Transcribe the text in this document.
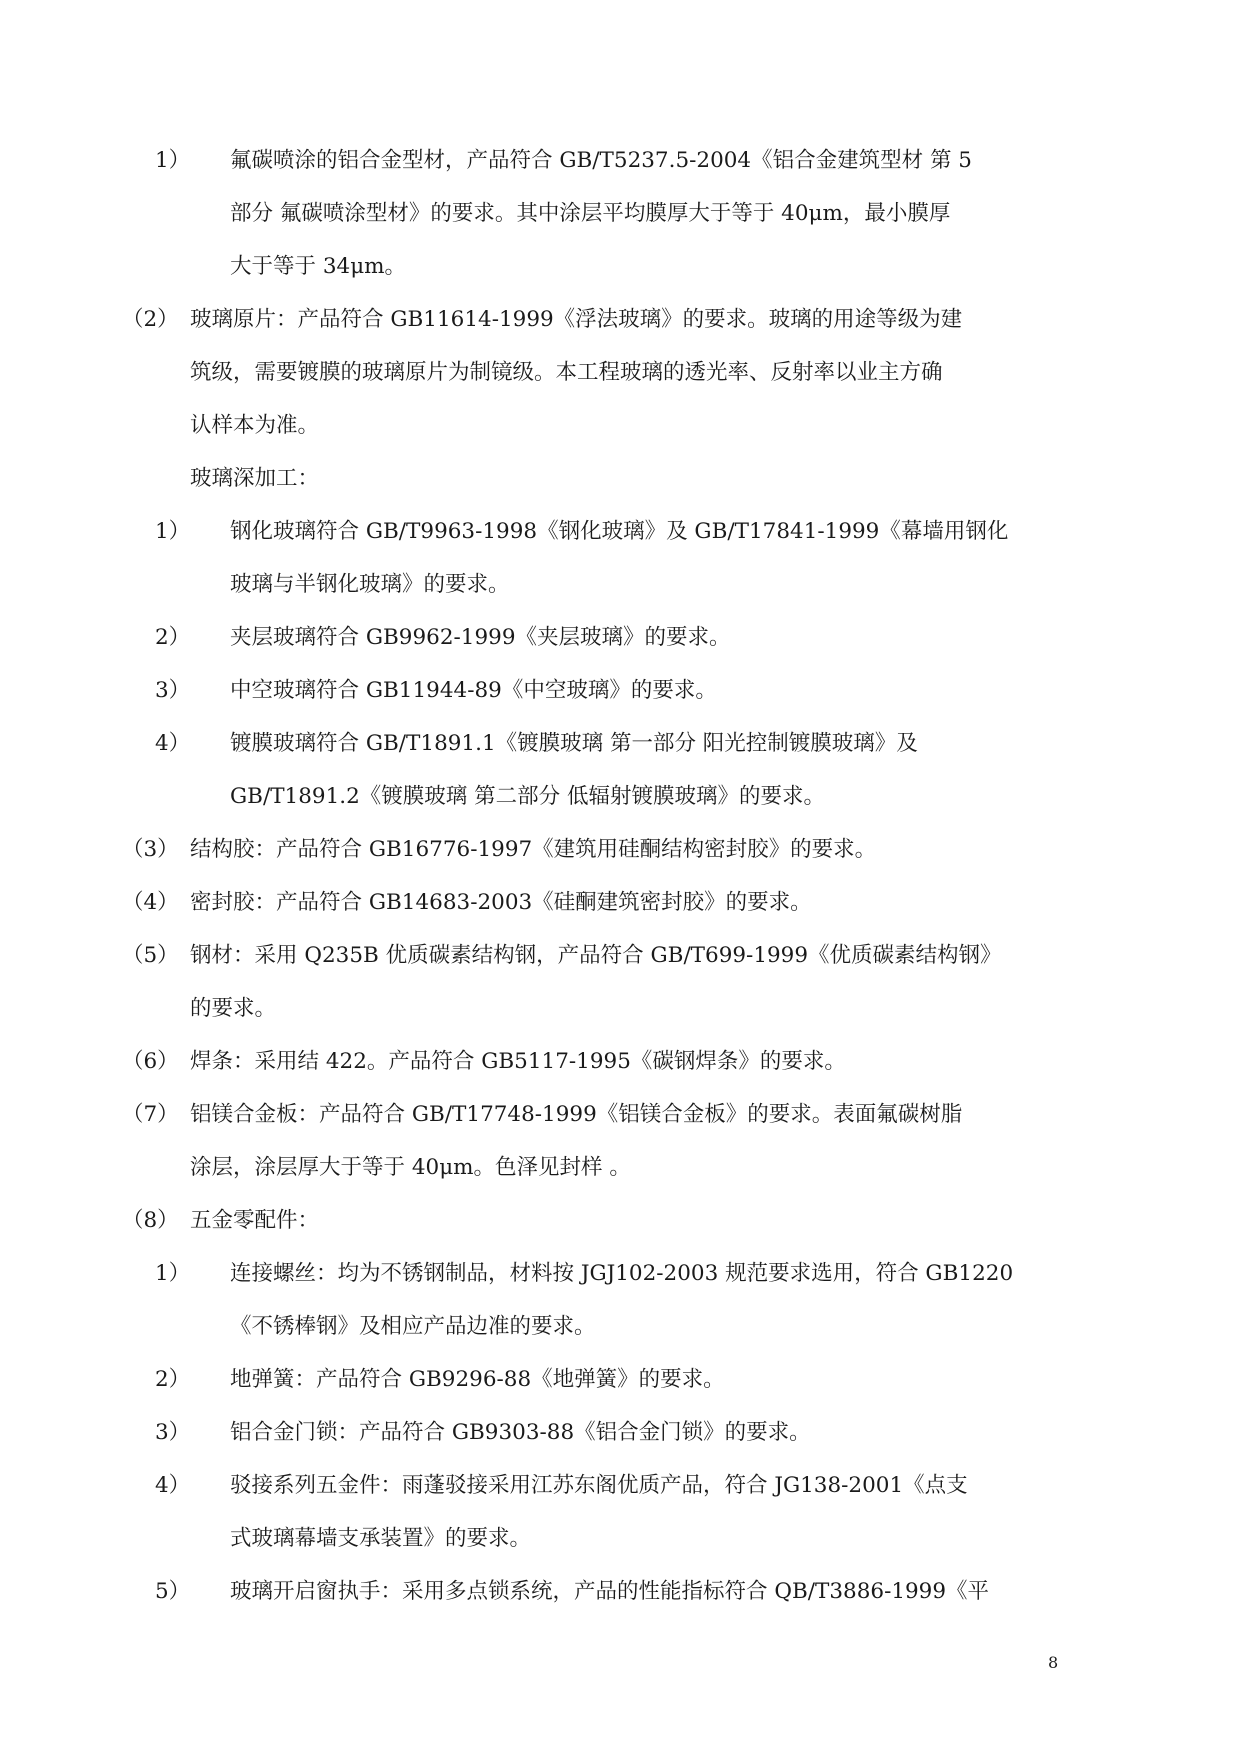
1） 氟碳喷涂的铝合金型材，产品符合 GB/T5237.5-2004《铝合金建筑型材 第 5
部分 氟碳喷涂型材》的要求。其中涂层平均膜厚大于等于 40μm，最小膜厚
大于等于 34μm。
（2） 玻璃原片：产品符合 GB11614-1999《浮法玻璃》的要求。玻璃的用途等级为建
筑级，需要镀膜的玻璃原片为制镜级。本工程玻璃的透光率、反射率以业主方确
认样本为准。
玻璃深加工：
1） 钢化玻璃符合 GB/T9963-1998《钢化玻璃》及 GB/T17841-1999《幕墙用钢化
玻璃与半钢化玻璃》的要求。
2） 夹层玻璃符合 GB9962-1999《夹层玻璃》的要求。
3） 中空玻璃符合 GB11944-89《中空玻璃》的要求。
4） 镀膜玻璃符合 GB/T1891.1《镀膜玻璃 第一部分 阳光控制镀膜玻璃》及
GB/T1891.2《镀膜玻璃 第二部分 低辐射镀膜玻璃》的要求。
（3） 结构胶：产品符合 GB16776-1997《建筑用硅酮结构密封胶》的要求。
（4） 密封胶：产品符合 GB14683-2003《硅酮建筑密封胶》的要求。
（5） 钢材：采用 Q235B 优质碳素结构钢，产品符合 GB/T699-1999《优质碳素结构钢》
的要求。
（6） 焊条：采用结 422。产品符合 GB5117-1995《碳钢焊条》的要求。
（7） 铝镁合金板：产品符合 GB/T17748-1999《铝镁合金板》的要求。表面氟碳树脂
涂层，涂层厚大于等于 40μm。色泽见封样 。
（8） 五金零配件：
1） 连接螺丝：均为不锈钢制品，材料按 JGJ102-2003 规范要求选用，符合 GB1220
《不锈棒钢》及相应产品边准的要求。
2） 地弹簧：产品符合 GB9296-88《地弹簧》的要求。
3） 铝合金门锁：产品符合 GB9303-88《铝合金门锁》的要求。
4） 驳接系列五金件：雨蓬驳接采用江苏东阁优质产品，符合 JG138-2001《点支
式玻璃幕墙支承装置》的要求。
5） 玻璃开启窗执手：采用多点锁系统，产品的性能指标符合 QB/T3886-1999《平
8
